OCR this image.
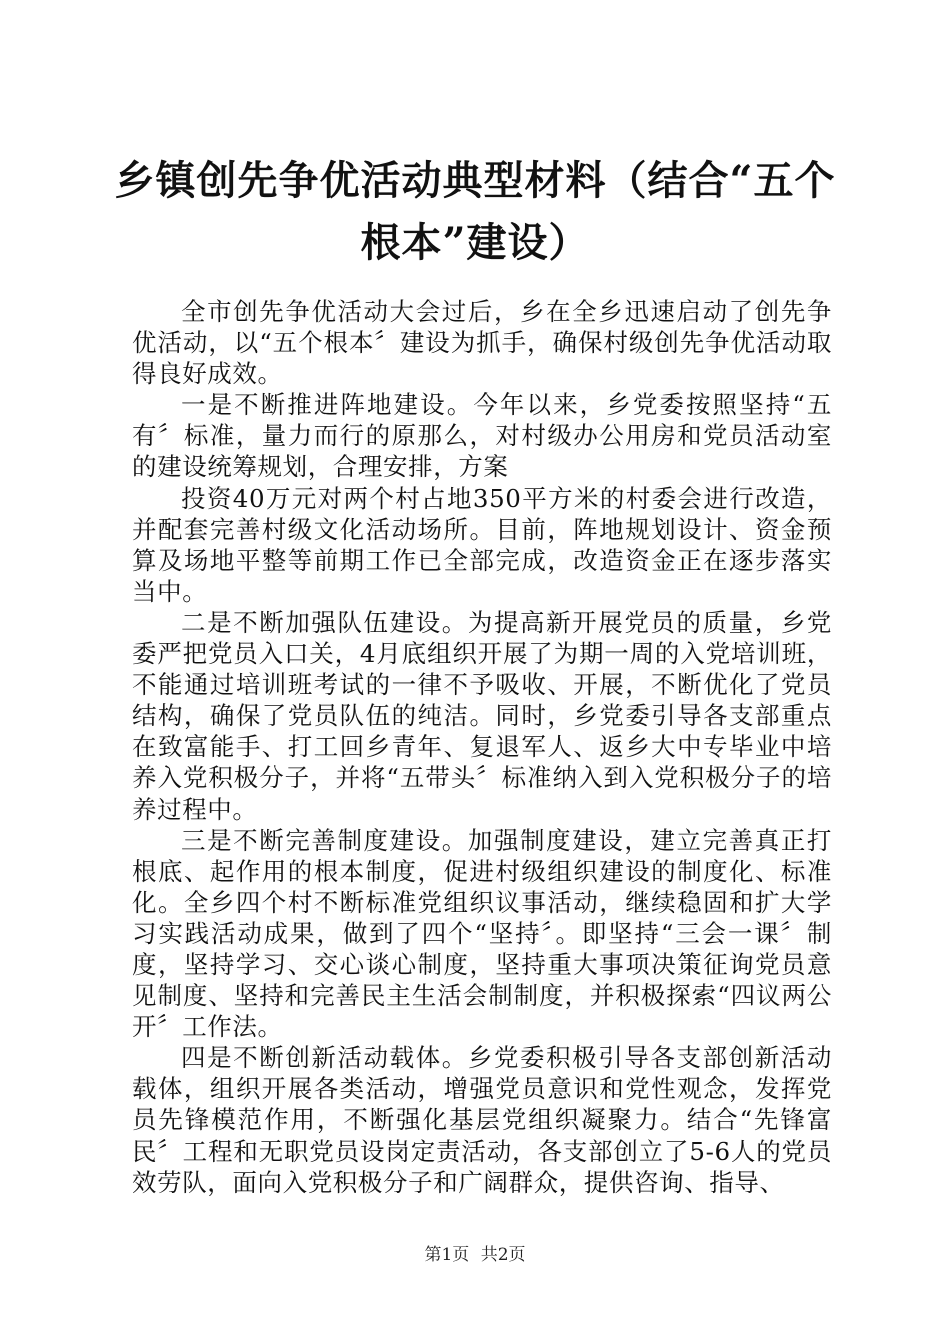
乡镇创先争优活动典型材料（结合“五个根本”建设）

全市创先争优活动大会过后，乡在全乡迅速启动了创先争优活动，以“五个根本〞建设为抓手，确保村级创先争优活动取得良好成效。

一是不断推进阵地建设。今年以来，乡党委按照坚持“五有〞标准，量力而行的原那么，对村级办公用房和党员活动室的建设统筹规划，合理安排，方案

投资40万元对两个村占地350平方米的村委会进行改造，并配套完善村级文化活动场所。目前，阵地规划设计、资金预算及场地平整等前期工作已全部完成，改造资金正在逐步落实当中。

二是不断加强队伍建设。为提高新开展党员的质量，乡党委严把党员入口关，4月底组织开展了为期一周的入党培训班，不能通过培训班考试的一律不予吸收、开展，不断优化了党员结构，确保了党员队伍的纯洁。同时，乡党委引导各支部重点在致富能手、打工回乡青年、复退军人、返乡大中专毕业中培养入党积极分子，并将“五带头〞标准纳入到入党积极分子的培养过程中。

三是不断完善制度建设。加强制度建设，建立完善真正打根底、起作用的根本制度，促进村级组织建设的制度化、标准化。全乡四个村不断标准党组织议事活动，继续稳固和扩大学习实践活动成果，做到了四个“坚持〞。即坚持“三会一课〞制度，坚持学习、交心谈心制度，坚持重大事项决策征询党员意见制度、坚持和完善民主生活会制制度，并积极探索“四议两公开〞工作法。

四是不断创新活动载体。乡党委积极引导各支部创新活动载体，组织开展各类活动，增强党员意识和党性观念，发挥党员先锋模范作用，不断强化基层党组织凝聚力。结合“先锋富民〞工程和无职党员设岗定责活动，各支部创立了5-6人的党员效劳队，面向入党积极分子和广阔群众，提供咨询、指导、

第1页 共2页
